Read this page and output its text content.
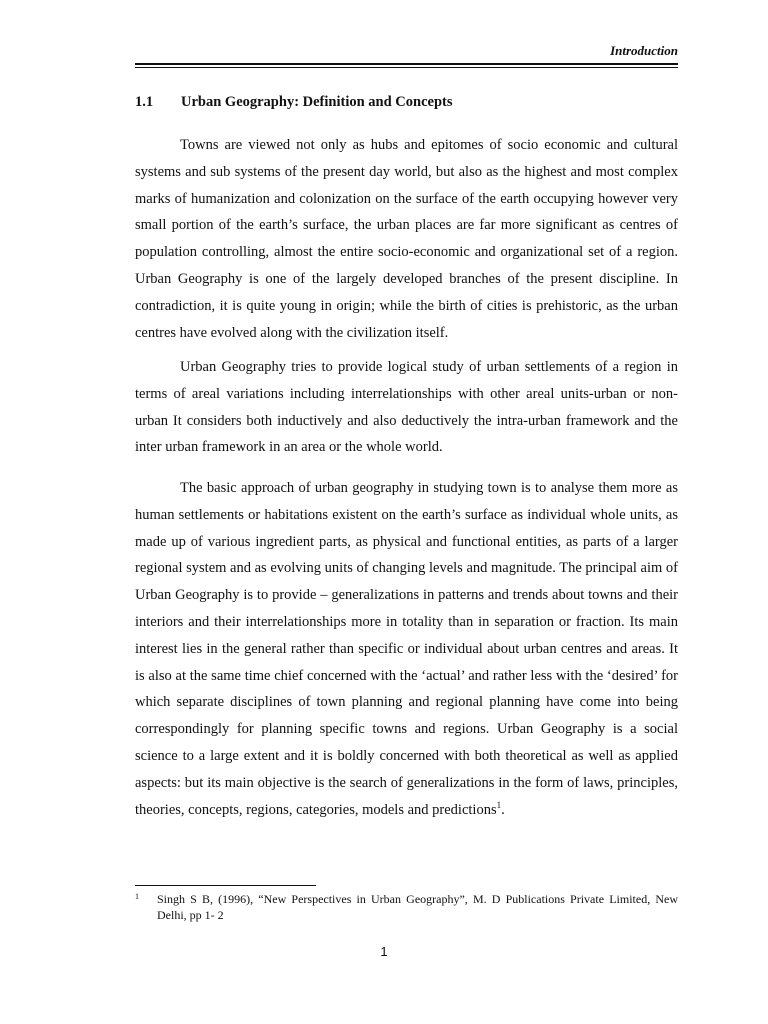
Introduction
1.1 Urban Geography: Definition and Concepts

Towns are viewed not only as hubs and epitomes of socio economic and cultural systems and sub systems of the present day world, but also as the highest and most complex marks of humanization and colonization on the surface of the earth occupying however very small portion of the earth’s surface, the urban places are far more significant as centres of population controlling, almost the entire socio-economic and organizational set of a region. Urban Geography is one of the largely developed branches of the present discipline. In contradiction, it is quite young in origin; while the birth of cities is prehistoric, as the urban centres have evolved along with the civilization itself.

Urban Geography tries to provide logical study of urban settlements of a region in terms of areal variations including interrelationships with other areal units-urban or non-urban It considers both inductively and also deductively the intra-urban framework and the inter urban framework in an area or the whole world.

The basic approach of urban geography in studying town is to analyse them more as human settlements or habitations existent on the earth’s surface as individual whole units, as made up of various ingredient parts, as physical and functional entities, as parts of a larger regional system and as evolving units of changing levels and magnitude. The principal aim of Urban Geography is to provide – generalizations in patterns and trends about towns and their interiors and their interrelationships more in totality than in separation or fraction. Its main interest lies in the general rather than specific or individual about urban centres and areas. It is also at the same time chief concerned with the ‘actual’ and rather less with the ‘desired’ for which separate disciplines of town planning and regional planning have come into being correspondingly for planning specific towns and regions. Urban Geography is a social science to a large extent and it is boldly concerned with both theoretical as well as applied aspects: but its main objective is the search of generalizations in the form of laws, principles, theories, concepts, regions, categories, models and predictions$^1$.

1 Singh S B, (1996), “New Perspectives in Urban Geography”, M. D Publications Private Limited, New Delhi, pp 1- 2
1
